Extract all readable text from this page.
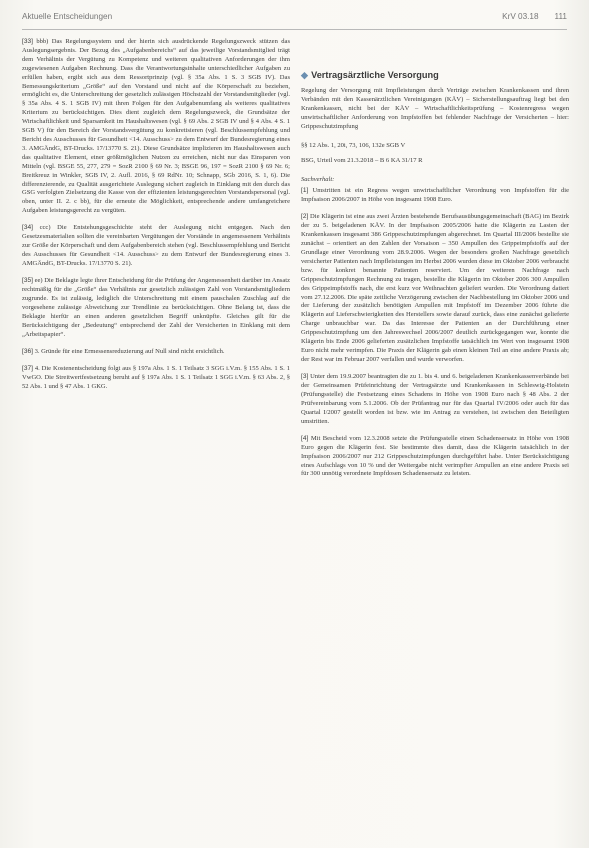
Aktuelle Entscheidungen	KrV 03.18 111

[33] bbb) Das Regelungssystem und der hierin sich ausdrückende Regelungszweck stützen das Auslegungsergebnis. Der Bezug des „Aufgabenbereichs“ auf das jeweilige Vorstandsmitglied trägt dem Verhältnis der Vergütung zu Kompetenz und weiteren qualitativen Anforderungen der ihm zugewiesenen Aufgaben Rechnung. Dass die Verantwortungsinhalte unterschiedlicher Aufgaben zu erfüllen haben, ergibt sich aus dem Ressortprinzip (vgl. § 35a Abs. 1 S. 3 SGB IV). Das Bemessungskriterium „Größe“ auf den Vorstand und nicht auf die Körperschaft zu beziehen, ermöglicht es, die Unterschreitung der gesetzlich zulässigen Höchstzahl der Vorstandsmitglieder (vgl. § 35a Abs. 4 S. 1 SGB IV) mit ihren Folgen für den Aufgabenumfang als weiteres qualitatives Kriterium zu berücksichtigen. Dies dient zugleich dem Regelungszweck, die Grundsätze der Wirtschaftlichkeit und Sparsamkeit im Haushaltswesen (vgl. § 69 Abs. 2 SGB IV und § 4 Abs. 4 S. 1 SGB V) für den Bereich der Vorstandsvergütung zu konkretisieren (vgl. Beschlussempfehlung und Bericht des Ausschusses für Gesundheit <14. Ausschuss> zu dem Entwurf der Bundesregierung eines 3. AMGÄndG, BT-Drucks. 17/13770 S. 21). Diese Grundsätze implizieren im Haushaltswesen auch das qualitative Element, einer größtmöglichen Nutzen zu erreichen, nicht nur das Einsparen von Mitteln (vgl. BSGE 55, 277, 279 = SozR 2100 § 69 Nr. 3; BSGE 96, 197 = SozR 2100 § 69 Nr. 6; Breitkreuz in Winkler, SGB IV, 2. Aufl. 2016, § 69 RdNr. 10; Schnapp, SGb 2016, S. 1, 6). Die differenzierende, zu Qualität ausgerichtete Auslegung sichert zugleich in Einklang mit den durch das GSG verfolgten Zielsetzung die Kasse von der effizienten leistungsgerechten Vorstandspersonal (vgl. oben, unter II. 2. c bb), für die erneute die Möglichkeit, entsprechende andere umfangreichere Aufgaben leistungsgerecht zu vergüten.

[34] ccc) Die Entstehungsgeschichte steht der Auslegung nicht entgegen. Nach den Gesetzesmaterialien sollten die vereinbarten Vergütungen der Vorstände in angemessenem Verhältnis zur Größe der Körperschaft und dem Aufgabenbereich stehen (vgl. Beschlussempfehlung und Bericht des Ausschusses für Gesundheit <14. Ausschuss> zu dem Entwurf der Bundesregierung eines 3. AMGÄndG, BT-Drucks. 17/13770 S. 21).

[35] ee) Die Beklagte legte ihrer Entscheidung für die Prüfung der Angemessenheit darüber im Ansatz rechtmäßig für die „Größe“ das Verhältnis zur gesetzlich zulässigen Zahl von Vorstandsmitgliedern zugrunde. Es ist zulässig, lediglich die Unterschreitung mit einem pauschalen Zuschlag auf die vorgesehene zulässige Abweichung zur Trendlinie zu berücksichtigen. Ohne Belang ist, dass die Beklagte hierfür an einen anderen gesetzlichen Begriff unknüpfte. Gleiches gilt für die Berücksichtigung der „Bedeutung“ entsprechend der Zahl der Versicherten in Einklang mit dem „Arbeitspapier“.

[36] 3. Gründe für eine Ermessensreduzierung auf Null sind nicht ersichtlich.

[37] 4. Die Kostenentscheidung folgt aus § 197a Abs. 1 S. 1 Teilsatz 3 SGG i.V.m. § 155 Abs. 1 S. 1 VwGO. Die Streitwertfestsetzung beruht auf § 197a Abs. 1 S. 1 Teilsatz 1 SGG i.V.m. § 63 Abs. 2, § 52 Abs. 1 und § 47 Abs. 1 GKG.

◆ Vertragsärztliche Versorgung

Regelung der Versorgung mit Impfleistungen durch Verträge zwischen Krankenkassen und ihren Verbänden mit den Kassenärztlichen Vereinigungen (KÄV) – Sicherstellungsauftrag liegt bei den Krankenkassen, nicht bei der KÄV – Wirtschaftlichkeitsprüfung – Kostenregress wegen unwirtschaftlicher Anforderung von Impfstoffen bei fehlender Nachfrage der Versicherten – hier: Grippeschutzimpfung

§§ 12 Abs. 1, 20i, 73, 106, 132e SGB V

BSG, Urteil vom 21.3.2018 – B 6 KA 31/17 R

Sachverhalt:

[1] Umstritten ist ein Regress wegen unwirtschaftlicher Verordnung von Impfstoffen für die Impfsaison 2006/2007 in Höhe von insgesamt 1908 Euro.

[2] Die Klägerin ist eine aus zwei Ärzten bestehende Berufsausübungsgemeinschaft (BAG) im Bezirk der zu 5. beigeladenen KÄV. In der Impfsaison 2005/2006 hatte die Klägerin zu Lasten der Krankenkassen insgesamt 386 Grippeschutzimpfungen abgerechnet. Im Quartal III/2006 bestellte sie zunächst – orientiert an den Zahlen der Vorsaison – 350 Ampullen des Grippeimpfstoffs auf der Grundlage einer Verordnung vom 28.9.2006. Wegen der besonders großen Nachfrage gesetzlich versicherter Patienten nach Impfleistungen im Herbst 2006 wurden diese im Oktober 2006 verbraucht bzw. für konkret benannte Patienten reserviert. Um der weiteren Nachfrage nach Grippeschutzimpfungen Rechnung zu tragen, bestellte die Klägerin im Oktober 2006 300 Ampullen des Grippeimpfstoffs nach, die erst kurz vor Weihnachten geliefert wurden. Die Verordnung datiert vom 27.12.2006. Die späte zeitliche Verzögerung zwischen der Nachbestellung im Oktober 2006 und der Lieferung der zusätzlich benötigten Ampullen mit Impfstoff im Dezember 2006 führte die Klägerin auf Lieferschwierigkeiten des Herstellers sowie darauf zurück, dass eine zunächst gelieferte Charge unbrauchbar war. Da das Interesse der Patienten an der Durchführung einer Grippeschutzimpfung um den Jahreswechsel 2006/2007 deutlich zurückgegangen war, konnte die Klägerin bis Ende 2006 gelieferten zusätzlichen Impfstoffe tatsächlich im Wert von insgesamt 1908 Euro nicht mehr verimpfen. Die Praxis der Klägerin gab einen kleinen Teil an eine andere Praxis ab; der Rest war im Februar 2007 verfallen und wurde verworfen.

[3] Unter dem 19.9.2007 beantragten die zu 1. bis 4. und 6. beigeladenen Krankenkassenverbände bei der Gemeinsamen Prüfeinrichtung der Vertragsärzte und Krankenkassen in Schleswig-Holstein (Prüfungsstelle) die Festsetzung eines Schadens in Höhe von 1908 Euro nach § 48 Abs. 2 der Prüfvereinbarung vom 5.1.2006. Ob der Prüfantrag nur für das Quartal IV/2006 oder auch für das Quartal I/2007 gestellt worden ist bzw. wie im Antrag zu verstehen, ist zwischen den Beteiligten umstritten.

[4] Mit Bescheid vom 12.3.2008 setzte die Prüfungsstelle einen Schadensersatz in Höhe von 1908 Euro gegen die Klägerin fest. Sie bestimmte dies damit, dass die Klägerin tatsächlich in der Impfsaison 2006/2007 nur 212 Grippeschutzimpfungen durchgeführt habe. Unter Berücksichtigung eines Aufschlags von 10 % und der Weitergabe nicht verimpfter Ampullen an eine andere Praxis sei für 300 unnötig verordnete Impfdosen Schadensersatz zu leisten.
